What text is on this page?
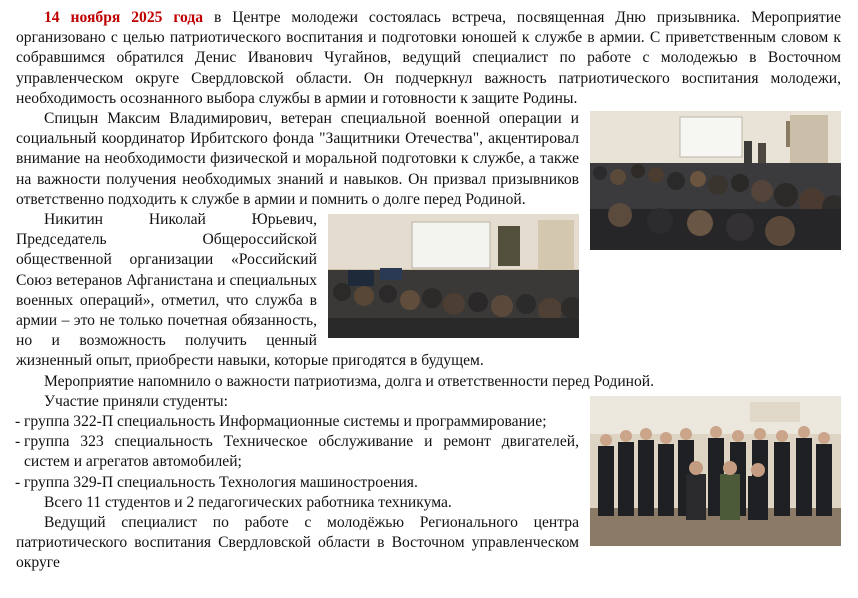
14 ноября 2025 года в Центре молодежи состоялась встреча, посвященная Дню призывника. Мероприятие организовано с целью патриотического воспитания и подготовки юношей к службе в армии. С приветственным словом к собравшимся обратился Денис Иванович Чугайнов, ведущий специалист по работе с молодежью в Восточном управленческом округе Свердловской области. Он подчеркнул важность патриотического воспитания молодежи, необходимость осознанного выбора службы в армии и готовности к защите Родины.

Спицын Максим Владимирович, ветеран специальной военной операции и социальный координатор Ирбитского фонда "Защитники Отечества", акцентировал внимание на необходимости физической и моральной подготовки к службе, а также на важности получения необходимых знаний и навыков. Он призвал призывников ответственно подходить к службе в армии и помнить о долге перед Родиной.

Никитин Николай Юрьевич, Председатель Общероссийской общественной организации «Российский Союз ветеранов Афганистана и специальных военных операций», отметил, что служба в армии – это не только почетная обязанность, но и возможность получить ценный жизненный опыт, приобрести навыки, которые пригодятся в будущем.

Мероприятие напомнило о важности патриотизма, долга и ответственности перед Родиной.

Участие приняли студенты:

- группа 322-П специальность Информационные системы и программирование;
- группа 323 специальность Техническое обслуживание и ремонт двигателей, систем и агрегатов автомобилей;
- группа 329-П специальность Технология машиностроения.

Всего 11 студентов и 2 педагогических работника техникума.

Ведущий специалист по работе с молодёжью Регионального центра патриотического воспитания Свердловской области в Восточном управленческом округе
